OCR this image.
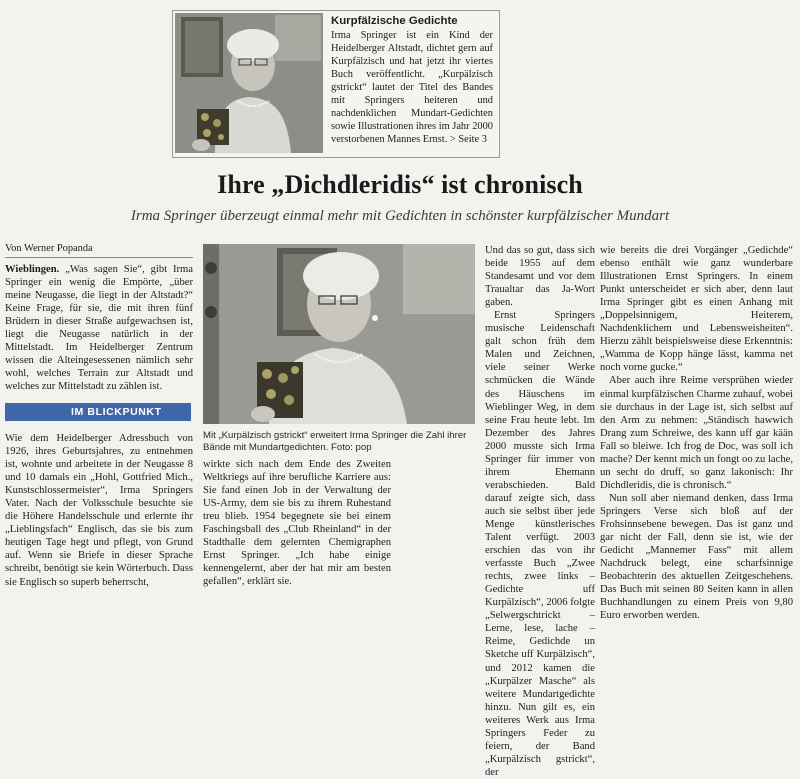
Kurpfälzische Gedichte
Irma Springer ist ein Kind der Heidelberger Altstadt, dichtet gern auf Kurpfälzisch und hat jetzt ihr viertes Buch veröffentlicht. „Kurpälzisch gstrickt“ lautet der Titel des Bandes mit Springers heiteren und nachdenklichen Mundart-Gedichten sowie Illustrationen ihres im Jahr 2000 verstorbenen Mannes Ernst. > Seite 3
Ihre „Dichdleridis“ ist chronisch
Irma Springer überzeugt einmal mehr mit Gedichten in schönster kurpfälzischer Mundart
Von Werner Popanda

Wieblingen. „Was sagen Sie“, gibt Irma Springer ein wenig die Empörte, „über meine Neugasse, die liegt in der Altstadt?“ Keine Frage, für sie, die mit ihren fünf Brüdern in dieser Straße aufgewachsen ist, liegt die Neugasse natürlich in der Mittelstadt. Im Heidelberger Zentrum wissen die Alteingesessenen nämlich sehr wohl, welches Terrain zur Altstadt und welches zur Mittelstadt zu zählen ist.

IM BLICKPUNKT

Wie dem Heidelberger Adressbuch von 1926, ihres Geburtsjahres, zu entnehmen ist, wohnte und arbeitete in der Neugasse 8 und 10 damals ein „Hohl, Gottfried Mich., Kunstschlossermeister“, Irma Springers Vater. Nach der Volksschule besuchte sie die Höhere Handelsschule und erlernte ihr „Lieblingsfach“ Englisch, das sie bis zum heutigen Tage hegt und pflegt, von Grund auf. Wenn sie Briefe in dieser Sprache schreibt, benötigt sie kein Wörterbuch. Dass sie Englisch so superb beherrscht,

Mit „Kurpälzisch gstrickt“ erweitert Irma Springer die Zahl ihrer Bände mit Mundartgedichten. Foto: pop

wirkte sich nach dem Ende des Zweiten Weltkriegs auf ihre berufliche Karriere aus: Sie fand einen Job in der Verwaltung der US-Army, dem sie bis zu ihrem Ruhestand treu blieb. 1954 begegnete sie bei einem Faschingsball des „Club Rheinland“ in der Stadthalle dem gelernten Chemigraphen Ernst Springer. „Ich habe einige kennengelernt, aber der hat mir am besten gefallen“, erklärt sie.

Und das so gut, dass sich beide 1955 auf dem Standesamt und vor dem Traualtar das Ja-Wort gaben.

Ernst Springers musische Leidenschaft galt schon früh dem Malen und Zeichnen, viele seiner Werke schmücken die Wände des Häuschens im Wieblinger Weg, in dem seine Frau heute lebt. Im Dezember des Jahres 2000 musste sich Irma Springer für immer von ihrem Ehemann verabschieden. Bald darauf zeigte sich, dass auch sie selbst über jede Menge künstlerisches Talent verfügt. 2003 erschien das von ihr verfasste Buch „Zwee rechts, zwee links – Gedichte uff Kurpälzisch“, 2006 folgte „Selwergschtrickt – Lerne, lese, lache – Reime, Gedichde un Sketche uff Kurpälzisch“, und 2012 kamen die „Kurpälzer Masche“ als weitere Mundartgedichte hinzu. Nun gilt es, ein weiteres Werk aus Irma Springers Feder zu feiern, der Band „Kurpälzisch gstrickt“, der

wie bereits die drei Vorgänger „Gedichde“ ebenso enthält wie ganz wunderbare Illustrationen Ernst Springers. In einem Punkt unterscheidet er sich aber, denn laut Irma Springer gibt es einen Anhang mit „Doppelsinnigem, Heiterem, Nachdenklichem und Lebensweisheiten“. Hierzu zählt beispielsweise diese Erkenntnis: „Wamma de Kopp hänge lässt, kamma net noch vorne gucke.“

Aber auch ihre Reime versprühen wieder einmal kurpfälzischen Charme zuhauf, wobei sie durchaus in der Lage ist, sich selbst auf den Arm zu nehmen: „Ständisch hawwich Drang zum Schreiwe, des kann uff gar kään Fall so bleiwe. Ich frog de Doc, was soll ich mache? Der kennt mich un fongt oo zu lache, un secht do druff, so ganz lakonisch: Ihr Dichdleridis, die is chronisch.“

Nun soll aber niemand denken, dass Irma Springers Verse sich bloß auf der Frohsinnsebene bewegen. Das ist ganz und gar nicht der Fall, denn sie ist, wie der Gedicht „Mannemer Fass“ mit allem Nachdruck belegt, eine scharfsinnige Beobachterin des aktuellen Zeitgeschehens. Das Buch mit seinen 80 Seiten kann in allen Buchhandlungen zu einem Preis von 9,80 Euro erworben werden.
